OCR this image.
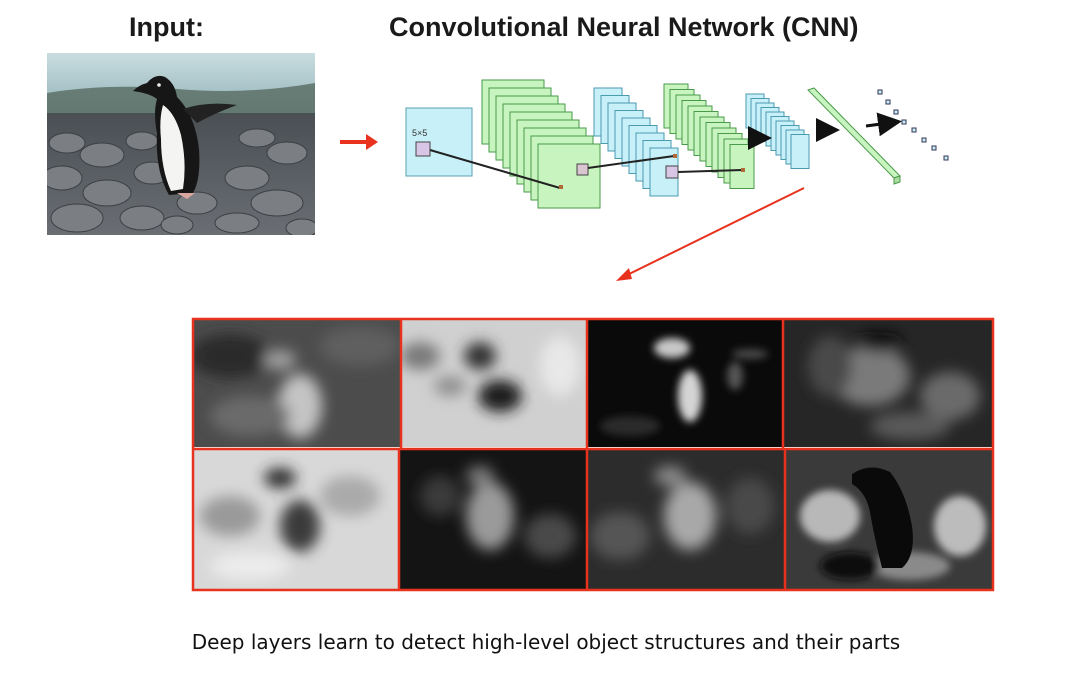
Input:	Convolutional Neural Network (CNN)
5×5
Deep layers learn to detect high-level object structures and their parts
